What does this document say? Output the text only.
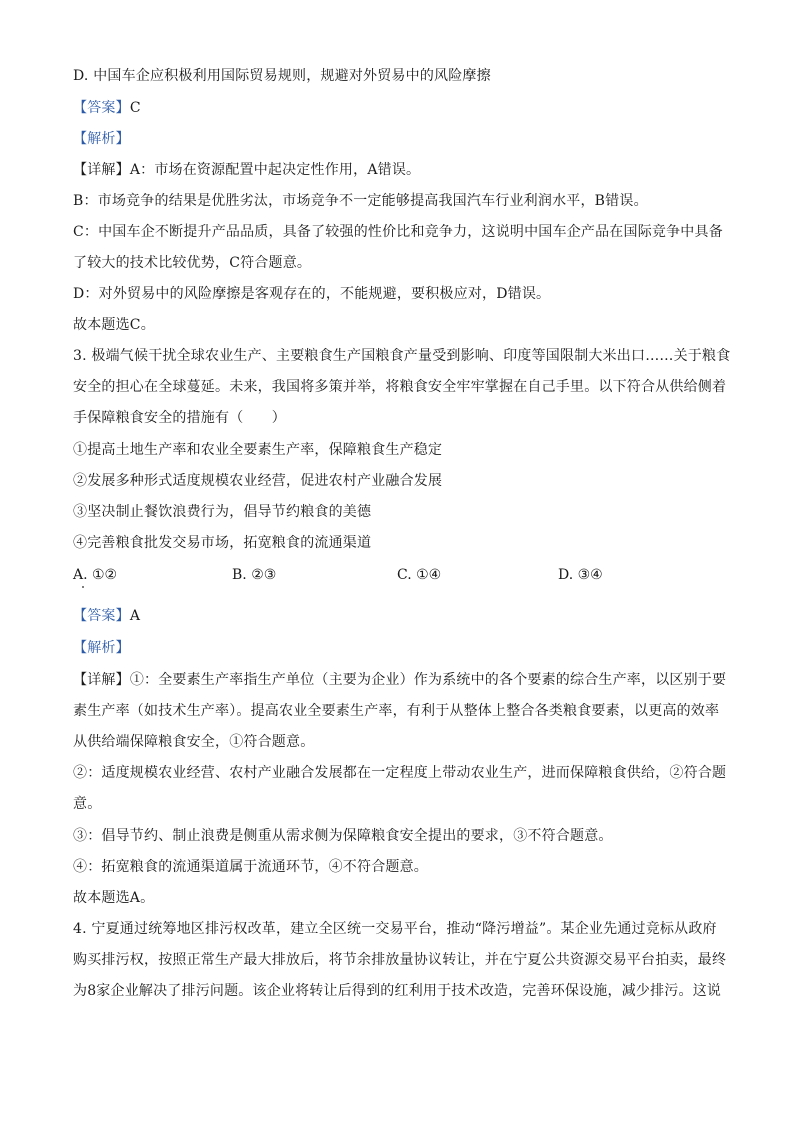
D. 中国车企应积极利用国际贸易规则，规避对外贸易中的风险摩擦
【答案】C
【解析】
【详解】A：市场在资源配置中起决定性作用，A错误。
B：市场竞争的结果是优胜劣汰，市场竞争不一定能够提高我国汽车行业利润水平，B错误。
C：中国车企不断提升产品品质，具备了较强的性价比和竞争力，这说明中国车企产品在国际竞争中具备
了较大的技术比较优势，C符合题意。
D：对外贸易中的风险摩擦是客观存在的，不能规避，要积极应对，D错误。
故本题选C。
3. 极端气候干扰全球农业生产、主要粮食生产国粮食产量受到影响、印度等国限制大米出口……关于粮食
安全的担心在全球蔓延。未来，我国将多策并举，将粮食安全牢牢掌握在自己手里。以下符合从供给侧着
手保障粮食安全的措施有（　　）
①提高土地生产率和农业全要素生产率，保障粮食生产稳定
②发展多种形式适度规模农业经营，促进农村产业融合发展
③坚决制止餐饮浪费行为，倡导节约粮食的美德
④完善粮食批发交易市场，拓宽粮食的流通渠道
A. ①②	B. ②③	C. ①④	D. ③④
【答案】A
【解析】
【详解】①：全要素生产率指生产单位（主要为企业）作为系统中的各个要素的综合生产率，以区别于要
素生产率（如技术生产率）。提高农业全要素生产率，有利于从整体上整合各类粮食要素，以更高的效率
从供给端保障粮食安全，①符合题意。
②：适度规模农业经营、农村产业融合发展都在一定程度上带动农业生产，进而保障粮食供给，②符合题
意。
③：倡导节约、制止浪费是侧重从需求侧为保障粮食安全提出的要求，③不符合题意。
④：拓宽粮食的流通渠道属于流通环节，④不符合题意。
故本题选A。
4. 宁夏通过统筹地区排污权改革，建立全区统一交易平台，推动“降污增益”。某企业先通过竞标从政府
购买排污权，按照正常生产最大排放后，将节余排放量协议转让，并在宁夏公共资源交易平台拍卖，最终
为8家企业解决了排污问题。该企业将转让后得到的红利用于技术改造，完善环保设施，减少排污。这说
